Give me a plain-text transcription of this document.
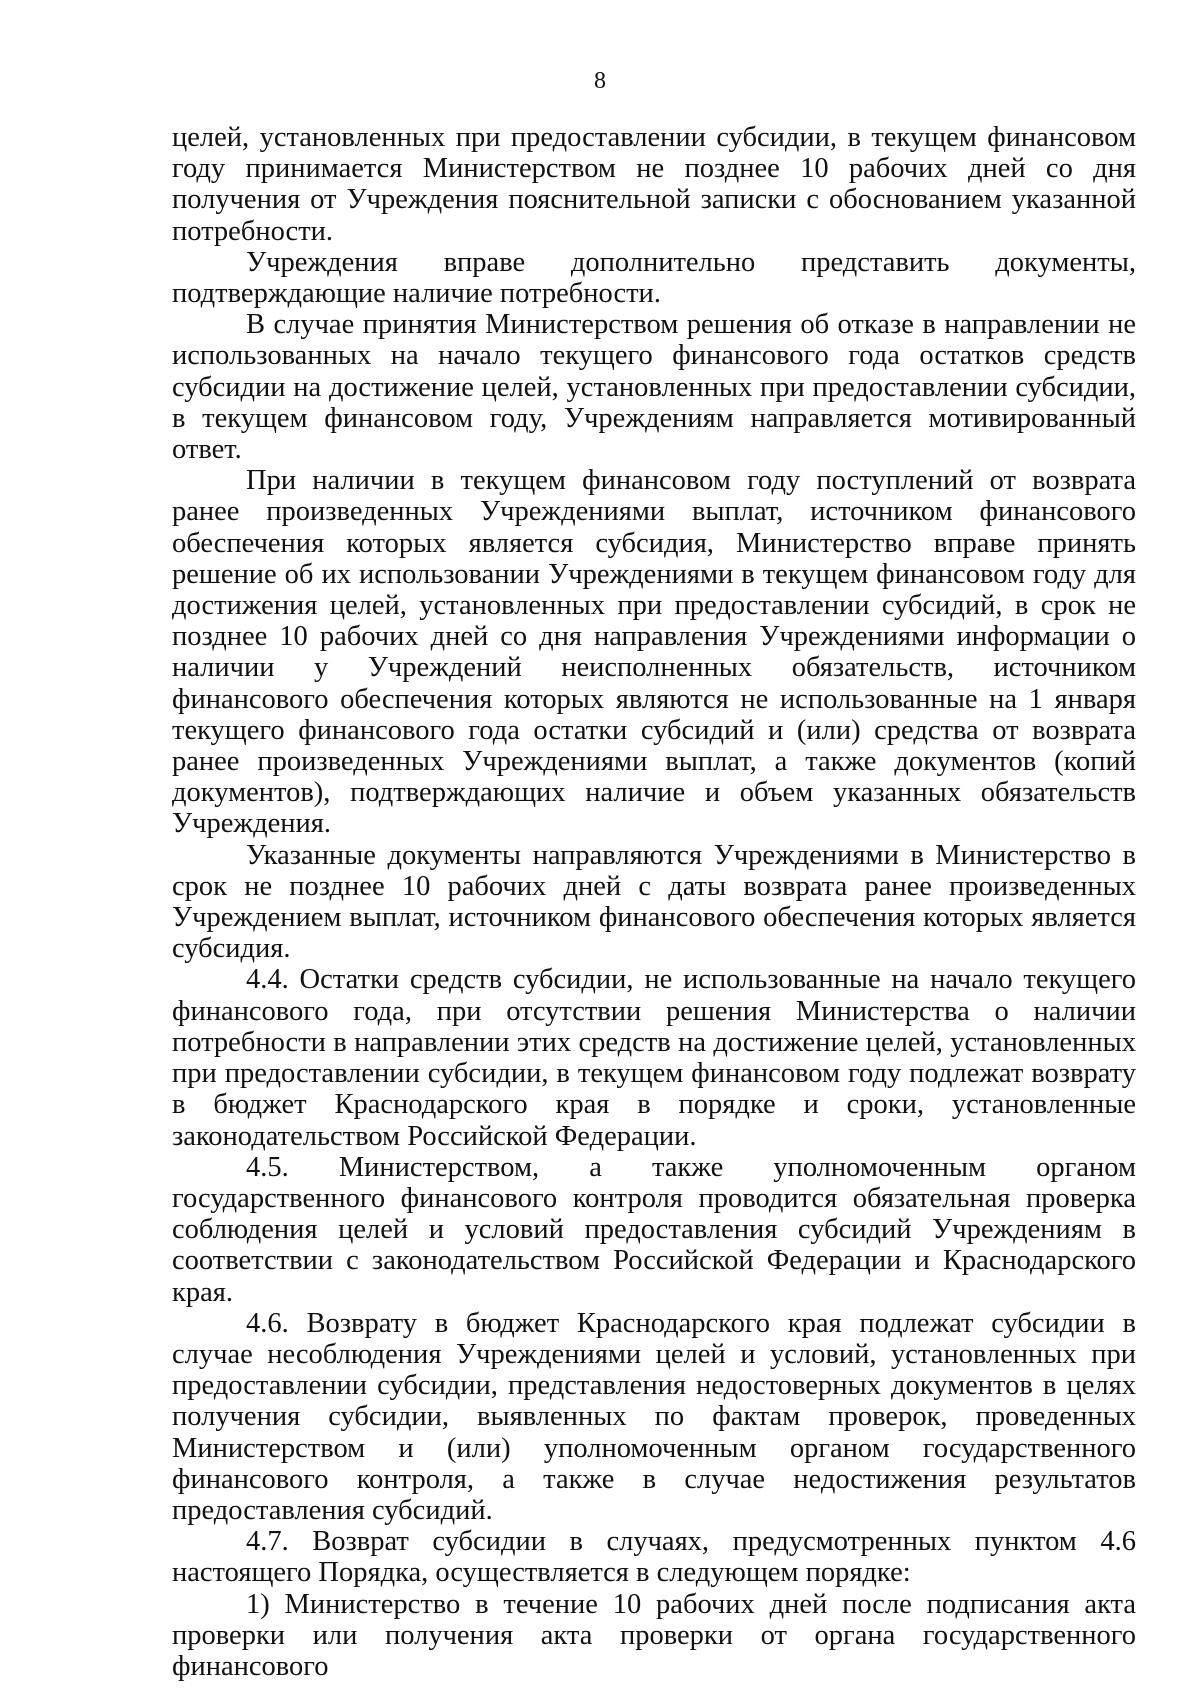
8

целей, установленных при предоставлении субсидии, в текущем финансовом году принимается Министерством не позднее 10 рабочих дней со дня получения от Учреждения пояснительной записки с обоснованием указанной потребности.

Учреждения вправе дополнительно представить документы, подтверждающие наличие потребности.

В случае принятия Министерством решения об отказе в направлении не использованных на начало текущего финансового года остатков средств субсидии на достижение целей, установленных при предоставлении субсидии, в текущем финансовом году, Учреждениям направляется мотивированный ответ.

При наличии в текущем финансовом году поступлений от возврата ранее произведенных Учреждениями выплат, источником финансового обеспечения которых является субсидия, Министерство вправе принять решение об их использовании Учреждениями в текущем финансовом году для достижения целей, установленных при предоставлении субсидий, в срок не позднее 10 рабочих дней со дня направления Учреждениями информации о наличии у Учреждений неисполненных обязательств, источником финансового обеспечения которых являются не использованные на 1 января текущего финансового года остатки субсидий и (или) средства от возврата ранее произведенных Учреждениями выплат, а также документов (копий документов), подтверждающих наличие и объем указанных обязательств Учреждения.

Указанные документы направляются Учреждениями в Министерство в срок не позднее 10 рабочих дней с даты возврата ранее произведенных Учреждением выплат, источником финансового обеспечения которых является субсидия.

4.4. Остатки средств субсидии, не использованные на начало текущего финансового года, при отсутствии решения Министерства о наличии потребности в направлении этих средств на достижение целей, установленных при предоставлении субсидии, в текущем финансовом году подлежат возврату в бюджет Краснодарского края в порядке и сроки, установленные законодательством Российской Федерации.

4.5. Министерством, а также уполномоченным органом государственного финансового контроля проводится обязательная проверка соблюдения целей и условий предоставления субсидий Учреждениям в соответствии с законодательством Российской Федерации и Краснодарского края.

4.6. Возврату в бюджет Краснодарского края подлежат субсидии в случае несоблюдения Учреждениями целей и условий, установленных при предоставлении субсидии, представления недостоверных документов в целях получения субсидии, выявленных по фактам проверок, проведенных Министерством и (или) уполномоченным органом государственного финансового контроля, а также в случае недостижения результатов предоставления субсидий.

4.7. Возврат субсидии в случаях, предусмотренных пунктом 4.6 настоящего Порядка, осуществляется в следующем порядке:

1) Министерство в течение 10 рабочих дней после подписания акта проверки или получения акта проверки от органа государственного финансового
